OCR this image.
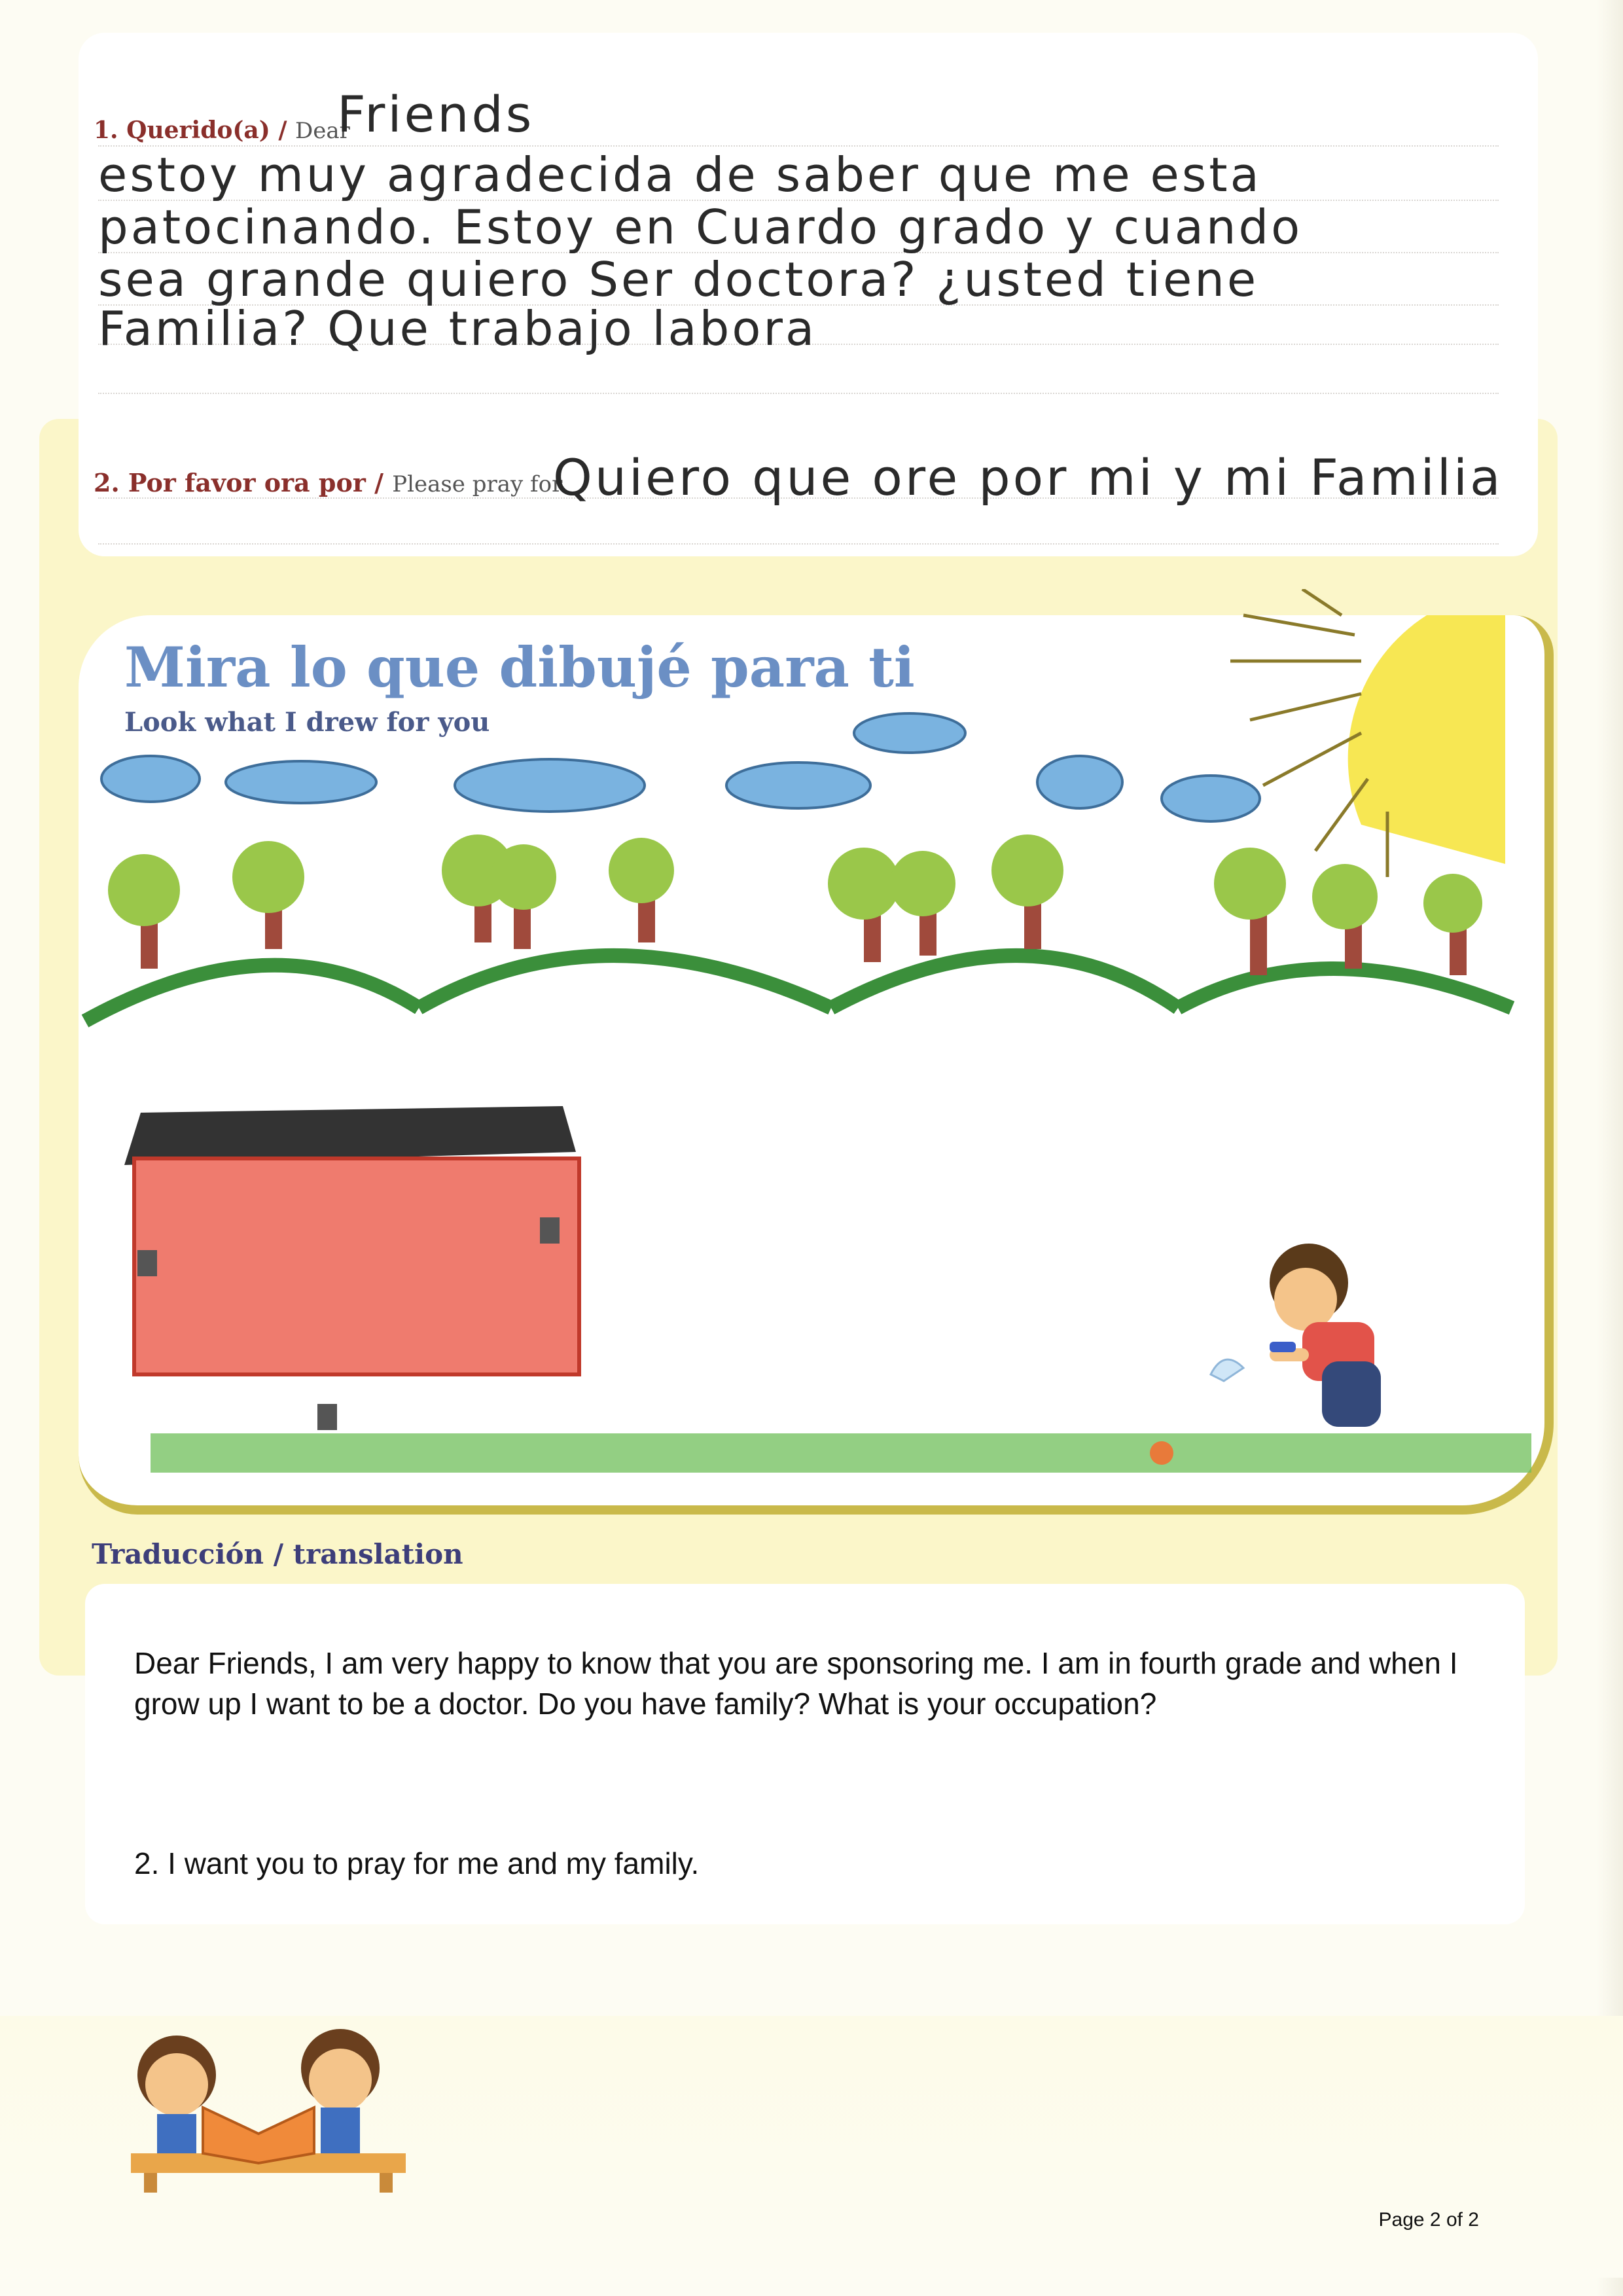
1. Querido(a) / Dear
Friends
estoy muy agradecida de saber que me esta
patocinando. Estoy en Cuardo grado y cuando
sea grande quiero Ser doctora? ¿usted tiene
Familia? Que trabajo labora
2. Por favor ora por / Please pray for
Quiero que ore por mi y mi Familia
Mira lo que dibujé para ti
Look what I drew for you
Traducción / translation
Dear Friends, I am very happy to know that you are sponsoring me. I am in fourth grade and when I grow up I want to be a doctor. Do you have family? What is your occupation?
2. I want you to pray for me and my family.
Page 2 of 2
